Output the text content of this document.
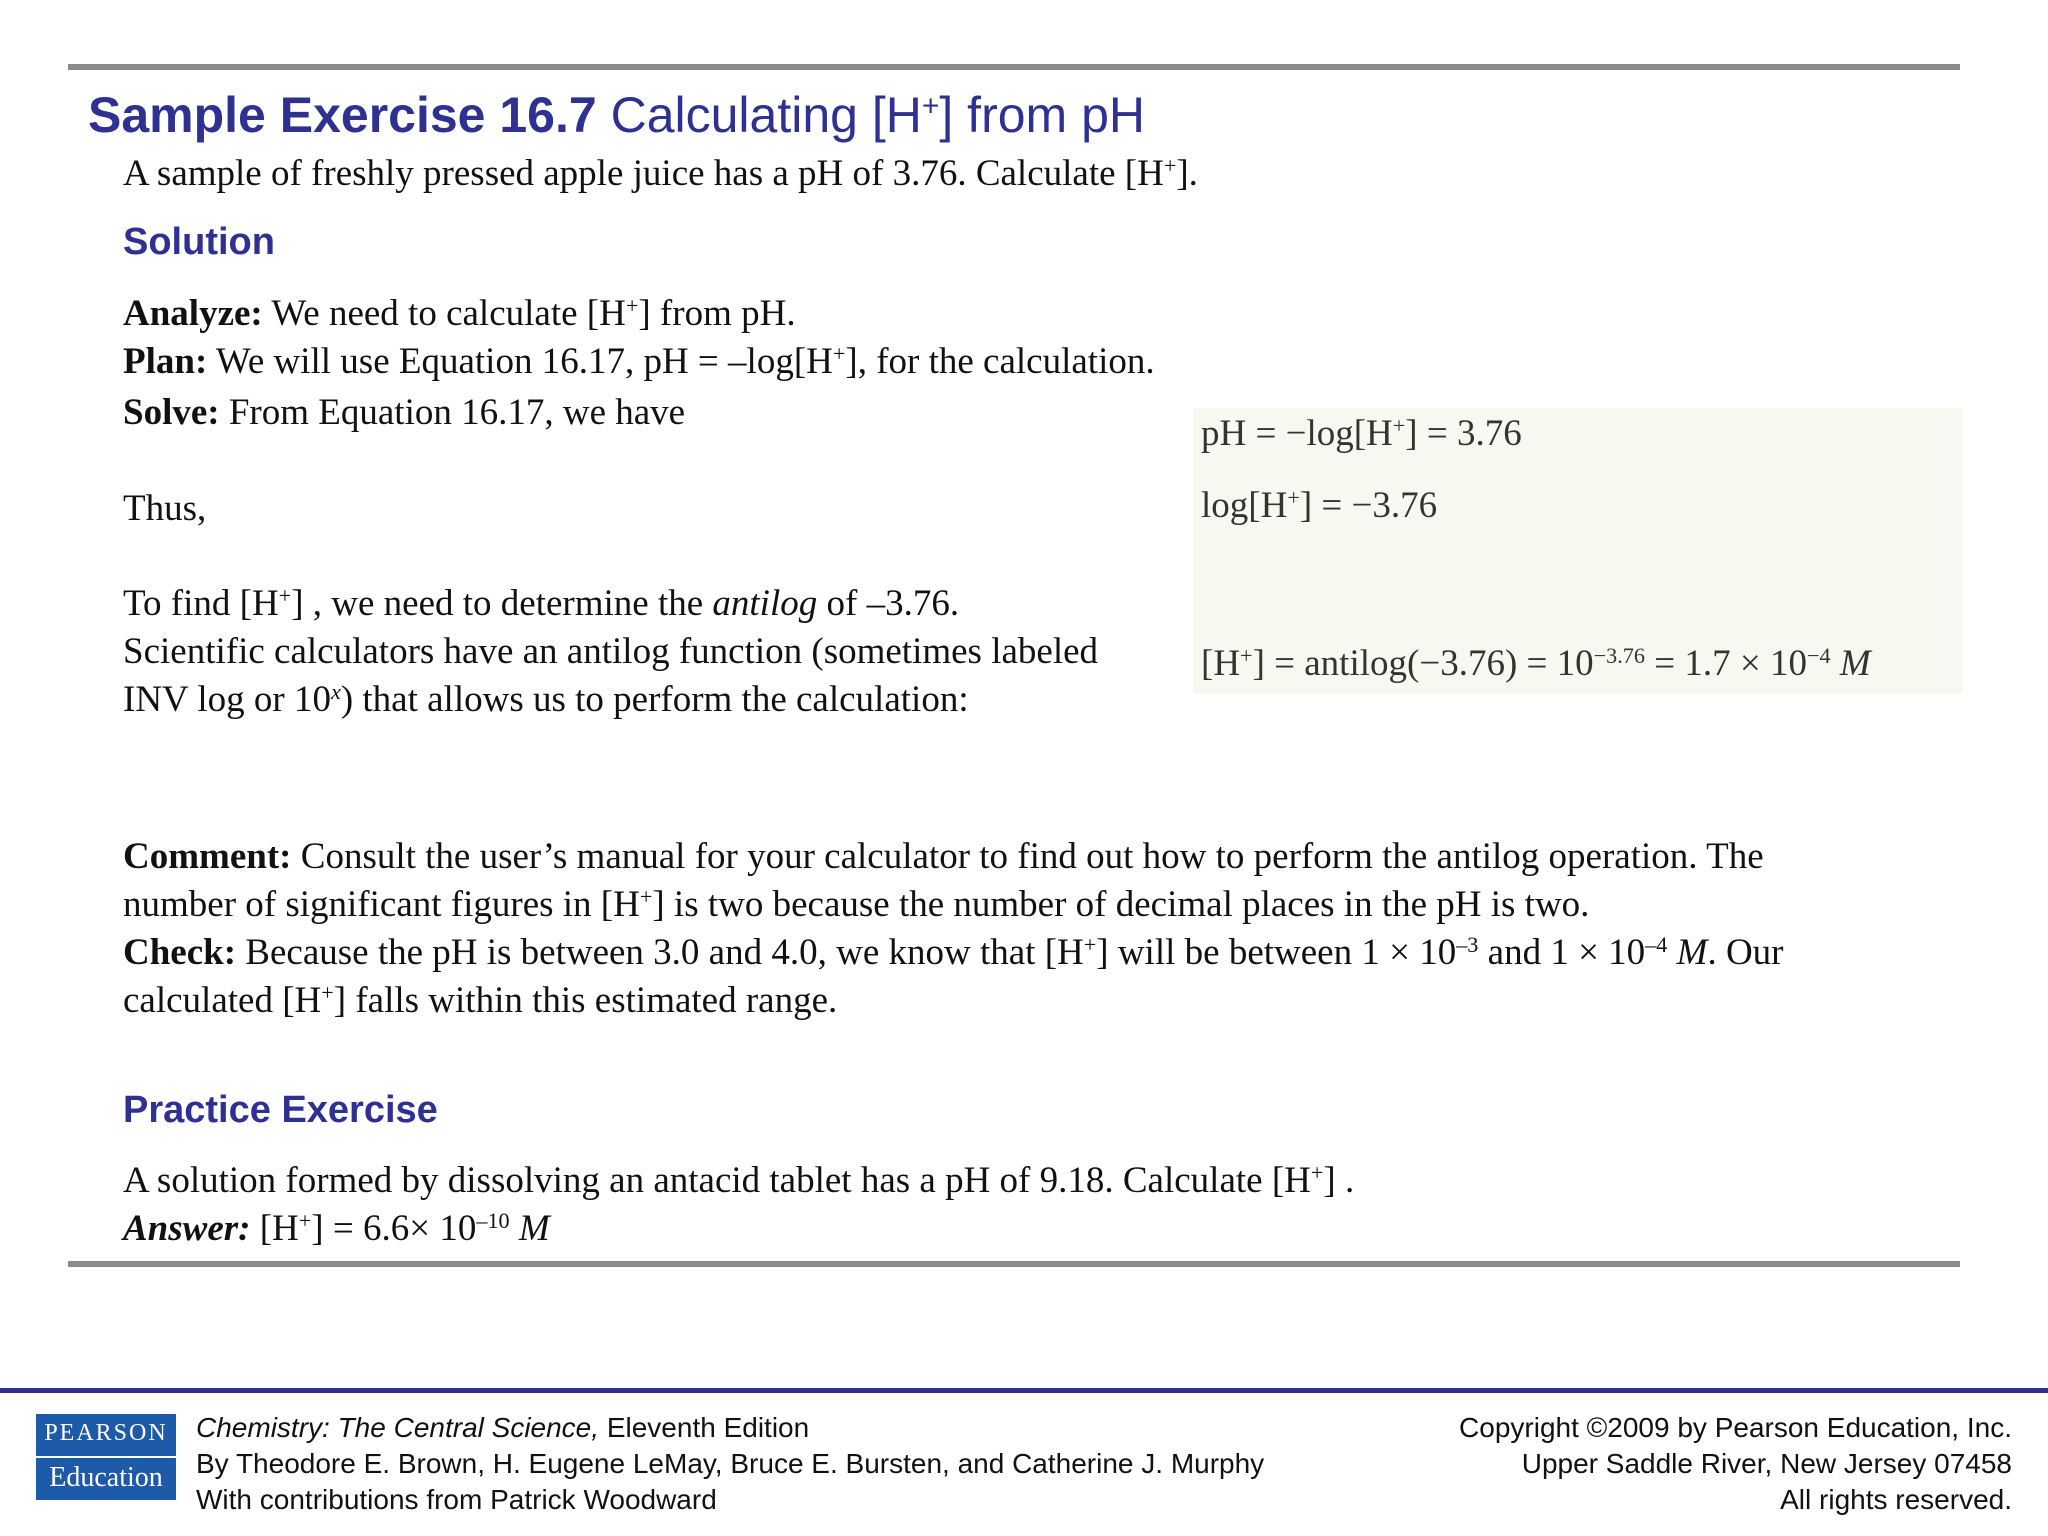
Sample Exercise 16.7 Calculating [H+] from pH
A sample of freshly pressed apple juice has a pH of 3.76. Calculate [H+].
Solution
Analyze: We need to calculate [H+] from pH.
Plan: We will use Equation 16.17, pH = –log[H+], for the calculation.
Solve: From Equation 16.17, we have
Thus,
To find [H+] , we need to determine the antilog of –3.76.
Scientific calculators have an antilog function (sometimes labeled
INV log or 10$^x$) that allows us to perform the calculation:
pH = −log[H+] = 3.76
log[H+] = −3.76
[H+] = antilog(−3.76) = $10^{-3.76} = 1.7 \times 10^{-4}$ M
Comment: Consult the user’s manual for your calculator to find out how to perform the antilog operation. The
number of significant figures in [H+] is two because the number of decimal places in the pH is two.
Check: Because the pH is between 3.0 and 4.0, we know that [H+] will be between $1 \times 10^{-3}$ and $1 \times 10^{-4}$ M. Our
calculated [H+] falls within this estimated range.
Practice Exercise
A solution formed by dissolving an antacid tablet has a pH of 9.18. Calculate [H+] .
Answer: $[H^+] = 6.6\times 10^{-10}$ M
PEARSON
Education
Chemistry: The Central Science, Eleventh Edition
By Theodore E. Brown, H. Eugene LeMay, Bruce E. Bursten, and Catherine J. Murphy
With contributions from Patrick Woodward
Copyright ©2009 by Pearson Education, Inc.
Upper Saddle River, New Jersey 07458
All rights reserved.
